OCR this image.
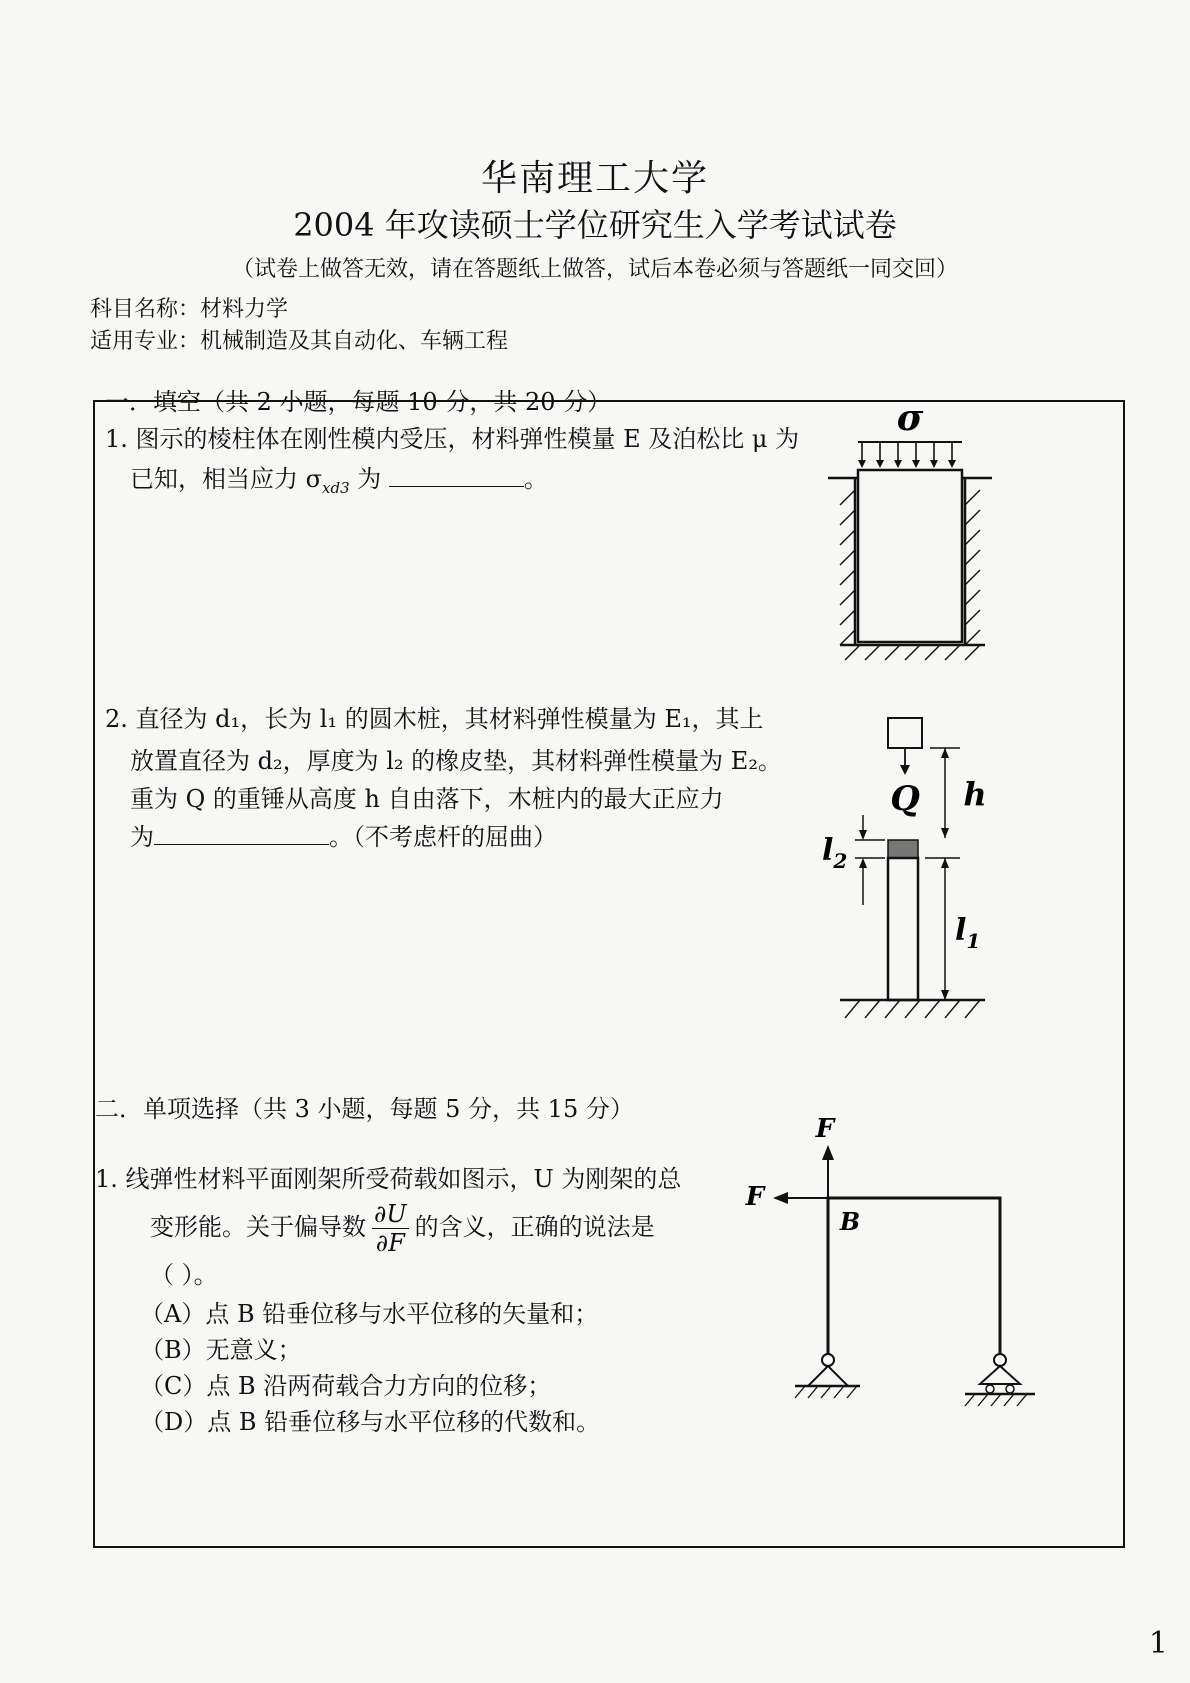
华南理工大学
2004 年攻读硕士学位研究生入学考试试卷
（试卷上做答无效，请在答题纸上做答，试后本卷必须与答题纸一同交回）
科目名称：材料力学
适用专业：机械制造及其自动化、车辆工程
一．填空（共 2 小题，每题 10 分，共 20 分）
1. 图示的棱柱体在刚性模内受压，材料弹性模量 E 及泊松比 μ 为
已知，相当应力 $\sigma_{xd3}$ 为	。
σ
2. 直径为 d₁，长为 l₁ 的圆木桩，其材料弹性模量为 E₁，其上
放置直径为 d₂，厚度为 l₂ 的橡皮垫，其材料弹性模量为 E₂。
重为 Q 的重锤从高度 h 自由落下，木桩内的最大正应力
为	。（不考虑杆的屈曲）
Q h
$l_2$
$l_1$
二．单项选择（共 3 小题，每题 5 分，共 15 分）
1. 线弹性材料平面刚架所受荷载如图示，U 为刚架的总
变形能。关于偏导数 $\frac{\partial U}{\partial F}$ 的含义，正确的说法是
（ ）。
（A）点 B 铅垂位移与水平位移的矢量和；
（B）无意义；
（C）点 B 沿两荷载合力方向的位移；
（D）点 B 铅垂位移与水平位移的代数和。
F
F
B
1
